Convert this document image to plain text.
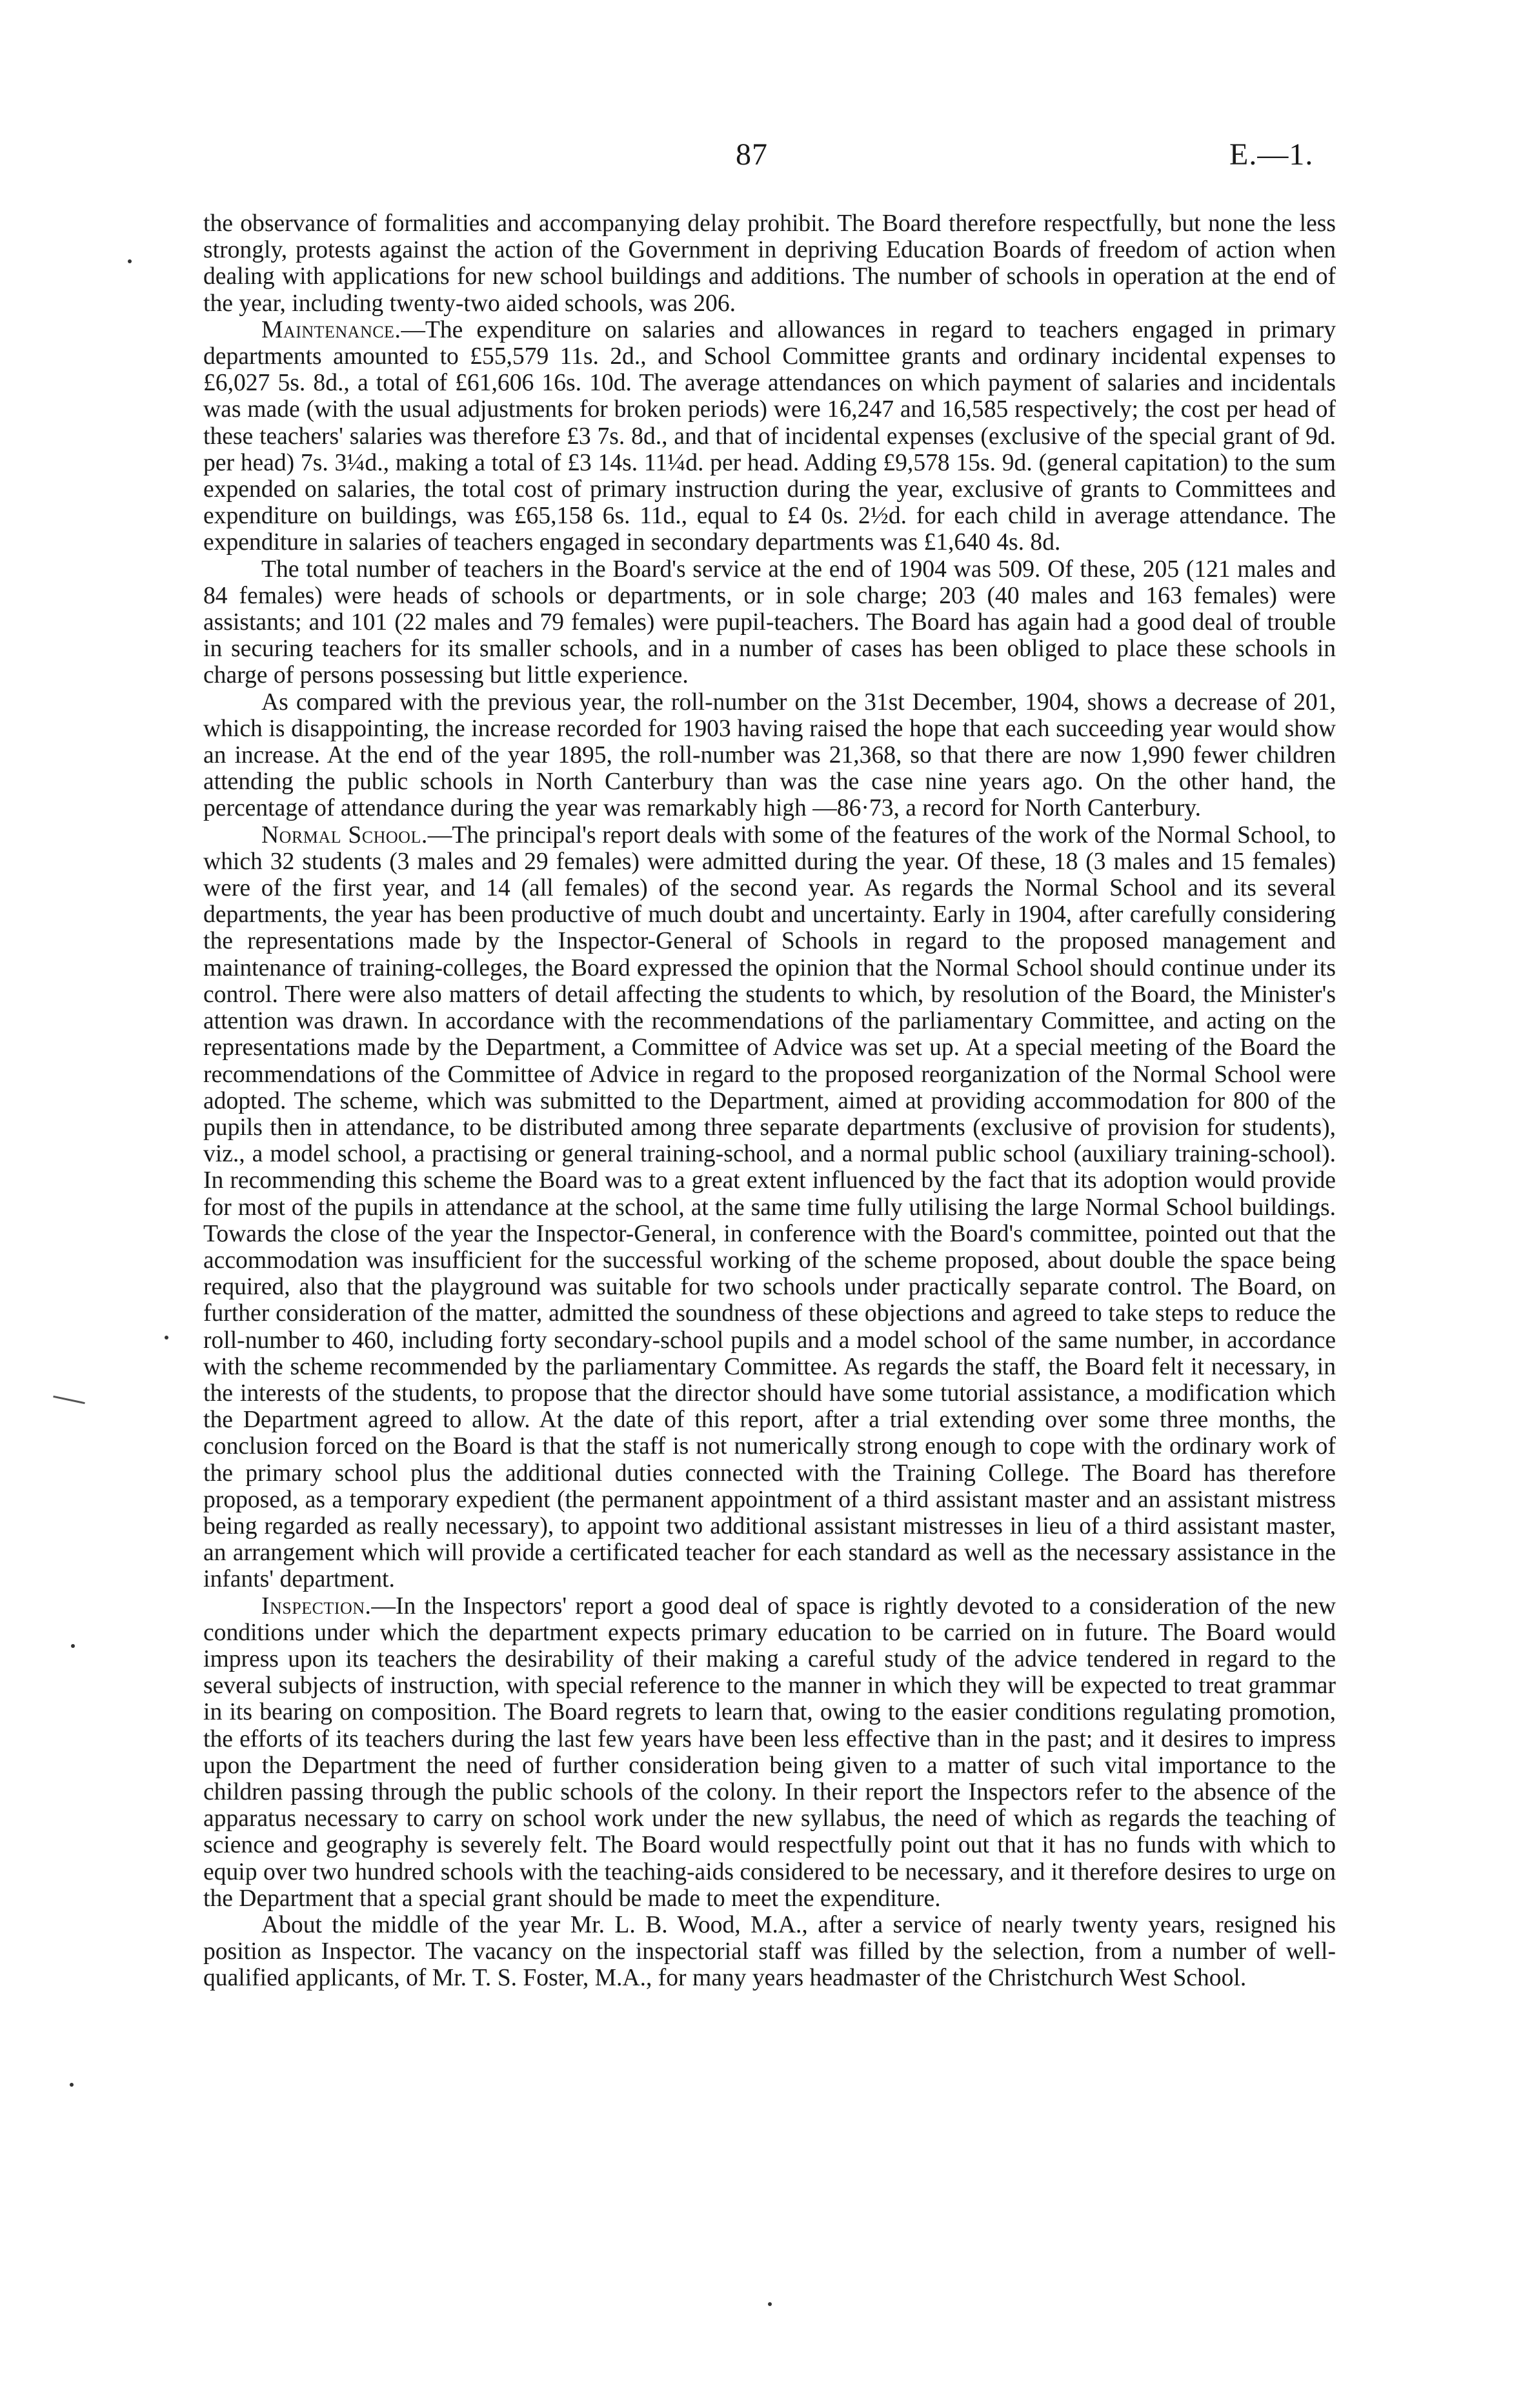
87	E.—1.

the observance of formalities and accompanying delay prohibit. The Board therefore respectfully, but none the less strongly, protests against the action of the Government in depriving Education Boards of freedom of action when dealing with applications for new school buildings and additions. The number of schools in operation at the end of the year, including twenty-two aided schools, was 206.

Maintenance.—The expenditure on salaries and allowances in regard to teachers engaged in primary departments amounted to £55,579 11s. 2d., and School Committee grants and ordinary incidental expenses to £6,027 5s. 8d., a total of £61,606 16s. 10d. The average attendances on which payment of salaries and incidentals was made (with the usual adjustments for broken periods) were 16,247 and 16,585 respectively; the cost per head of these teachers' salaries was therefore £3 7s. 8d., and that of incidental expenses (exclusive of the special grant of 9d. per head) 7s. 3¼d., making a total of £3 14s. 11¼d. per head. Adding £9,578 15s. 9d. (general capitation) to the sum expended on salaries, the total cost of primary instruction during the year, exclusive of grants to Committees and expenditure on buildings, was £65,158 6s. 11d., equal to £4 0s. 2½d. for each child in average attendance. The expenditure in salaries of teachers engaged in secondary departments was £1,640 4s. 8d.

The total number of teachers in the Board's service at the end of 1904 was 509. Of these, 205 (121 males and 84 females) were heads of schools or departments, or in sole charge; 203 (40 males and 163 females) were assistants; and 101 (22 males and 79 females) were pupil-teachers. The Board has again had a good deal of trouble in securing teachers for its smaller schools, and in a number of cases has been obliged to place these schools in charge of persons possessing but little experience.

As compared with the previous year, the roll-number on the 31st December, 1904, shows a decrease of 201, which is disappointing, the increase recorded for 1903 having raised the hope that each succeeding year would show an increase. At the end of the year 1895, the roll-number was 21,368, so that there are now 1,990 fewer children attending the public schools in North Canterbury than was the case nine years ago. On the other hand, the percentage of attendance during the year was remarkably high —86·73, a record for North Canterbury.

Normal School.—The principal's report deals with some of the features of the work of the Normal School, to which 32 students (3 males and 29 females) were admitted during the year. Of these, 18 (3 males and 15 females) were of the first year, and 14 (all females) of the second year. As regards the Normal School and its several departments, the year has been productive of much doubt and uncertainty. Early in 1904, after carefully considering the representations made by the Inspector-General of Schools in regard to the proposed management and maintenance of training-colleges, the Board expressed the opinion that the Normal School should continue under its control. There were also matters of detail affecting the students to which, by resolution of the Board, the Minister's attention was drawn. In accordance with the recommendations of the parliamentary Committee, and acting on the representations made by the Department, a Committee of Advice was set up. At a special meeting of the Board the recommendations of the Committee of Advice in regard to the proposed reorganization of the Normal School were adopted. The scheme, which was submitted to the Department, aimed at providing accommodation for 800 of the pupils then in attendance, to be distributed among three separate departments (exclusive of provision for students), viz., a model school, a practising or general training-school, and a normal public school (auxiliary training-school). In recommending this scheme the Board was to a great extent influenced by the fact that its adoption would provide for most of the pupils in attendance at the school, at the same time fully utilising the large Normal School buildings. Towards the close of the year the Inspector-General, in conference with the Board's committee, pointed out that the accommodation was insufficient for the successful working of the scheme proposed, about double the space being required, also that the playground was suitable for two schools under practically separate control. The Board, on further consideration of the matter, admitted the soundness of these objections and agreed to take steps to reduce the roll-number to 460, including forty secondary-school pupils and a model school of the same number, in accordance with the scheme recommended by the parliamentary Committee. As regards the staff, the Board felt it necessary, in the interests of the students, to propose that the director should have some tutorial assistance, a modification which the Department agreed to allow. At the date of this report, after a trial extending over some three months, the conclusion forced on the Board is that the staff is not numerically strong enough to cope with the ordinary work of the primary school plus the additional duties connected with the Training College. The Board has therefore proposed, as a temporary expedient (the permanent appointment of a third assistant master and an assistant mistress being regarded as really necessary), to appoint two additional assistant mistresses in lieu of a third assistant master, an arrangement which will provide a certificated teacher for each standard as well as the necessary assistance in the infants' department.

Inspection.—In the Inspectors' report a good deal of space is rightly devoted to a consideration of the new conditions under which the department expects primary education to be carried on in future. The Board would impress upon its teachers the desirability of their making a careful study of the advice tendered in regard to the several subjects of instruction, with special reference to the manner in which they will be expected to treat grammar in its bearing on composition. The Board regrets to learn that, owing to the easier conditions regulating promotion, the efforts of its teachers during the last few years have been less effective than in the past; and it desires to impress upon the Department the need of further consideration being given to a matter of such vital importance to the children passing through the public schools of the colony. In their report the Inspectors refer to the absence of the apparatus necessary to carry on school work under the new syllabus, the need of which as regards the teaching of science and geography is severely felt. The Board would respectfully point out that it has no funds with which to equip over two hundred schools with the teaching-aids considered to be necessary, and it therefore desires to urge on the Department that a special grant should be made to meet the expenditure.

About the middle of the year Mr. L. B. Wood, M.A., after a service of nearly twenty years, resigned his position as Inspector. The vacancy on the inspectorial staff was filled by the selection, from a number of well-qualified applicants, of Mr. T. S. Foster, M.A., for many years headmaster of the Christchurch West School.
